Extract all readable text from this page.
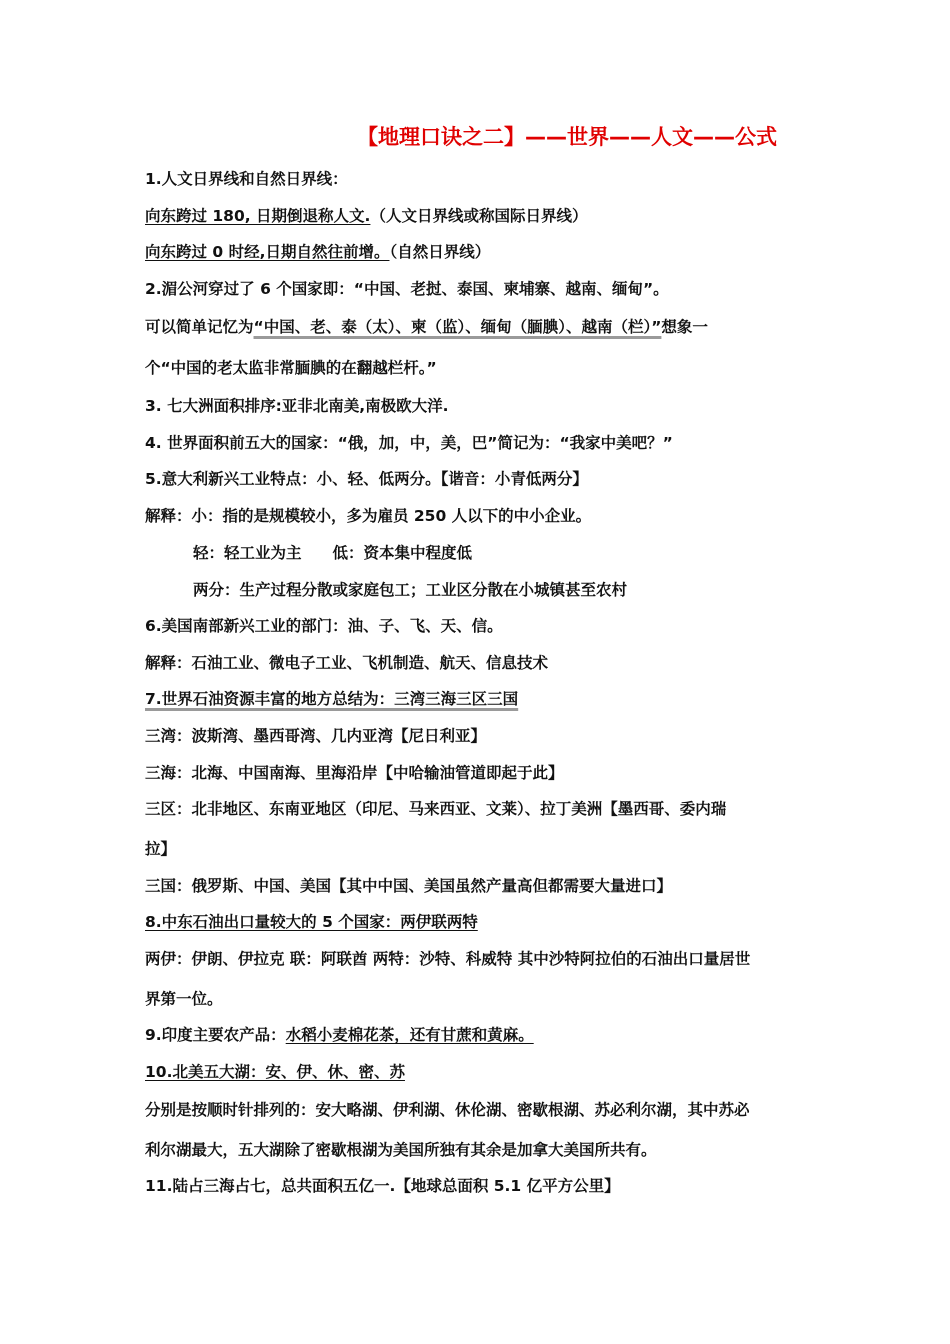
【地理口诀之二】——世界——人文——公式
1.人文日界线和自然日界线：
向东跨过 180, 日期倒退称人文.（人文日界线或称国际日界线）
向东跨过 0 时经,日期自然往前增。（自然日界线）
2.湄公河穿过了 6 个国家即：“中国、老挝、泰国、柬埔寨、越南、缅甸”。
可以简单记忆为“中国、老、泰（太）、柬（监）、缅甸（腼腆）、越南（栏）”想象一
个“中国的老太监非常腼腆的在翻越栏杆。”
3. 七大洲面积排序:亚非北南美,南极欧大洋.
4. 世界面积前五大的国家：“俄，加，中，美，巴”简记为：“我家中美吧？”
5.意大利新兴工业特点：小、轻、低两分。【谐音：小青低两分】
解释：小：指的是规模较小，多为雇员 250 人以下的中小企业。
轻：轻工业为主　　低：资本集中程度低
两分：生产过程分散或家庭包工；工业区分散在小城镇甚至农村
6.美国南部新兴工业的部门：油、子、飞、天、信。
解释：石油工业、微电子工业、飞机制造、航天、信息技术
7.世界石油资源丰富的地方总结为：三湾三海三区三国
三湾：波斯湾、墨西哥湾、几内亚湾【尼日利亚】
三海：北海、中国南海、里海沿岸【中哈输油管道即起于此】
三区：北非地区、东南亚地区（印尼、马来西亚、文莱）、拉丁美洲【墨西哥、委内瑞
拉】
三国：俄罗斯、中国、美国【其中中国、美国虽然产量高但都需要大量进口】
8.中东石油出口量较大的 5 个国家：两伊联两特
两伊：伊朗、伊拉克 联：阿联酋 两特：沙特、科威特 其中沙特阿拉伯的石油出口量居世
界第一位。
9.印度主要农产品：水稻小麦棉花茶，还有甘蔗和黄麻。
10.北美五大湖：安、伊、休、密、苏
分别是按顺时针排列的：安大略湖、伊利湖、休伦湖、密歇根湖、苏必利尔湖，其中苏必
利尔湖最大，五大湖除了密歇根湖为美国所独有其余是加拿大美国所共有。
11.陆占三海占七，总共面积五亿一.【地球总面积 5.1 亿平方公里】
